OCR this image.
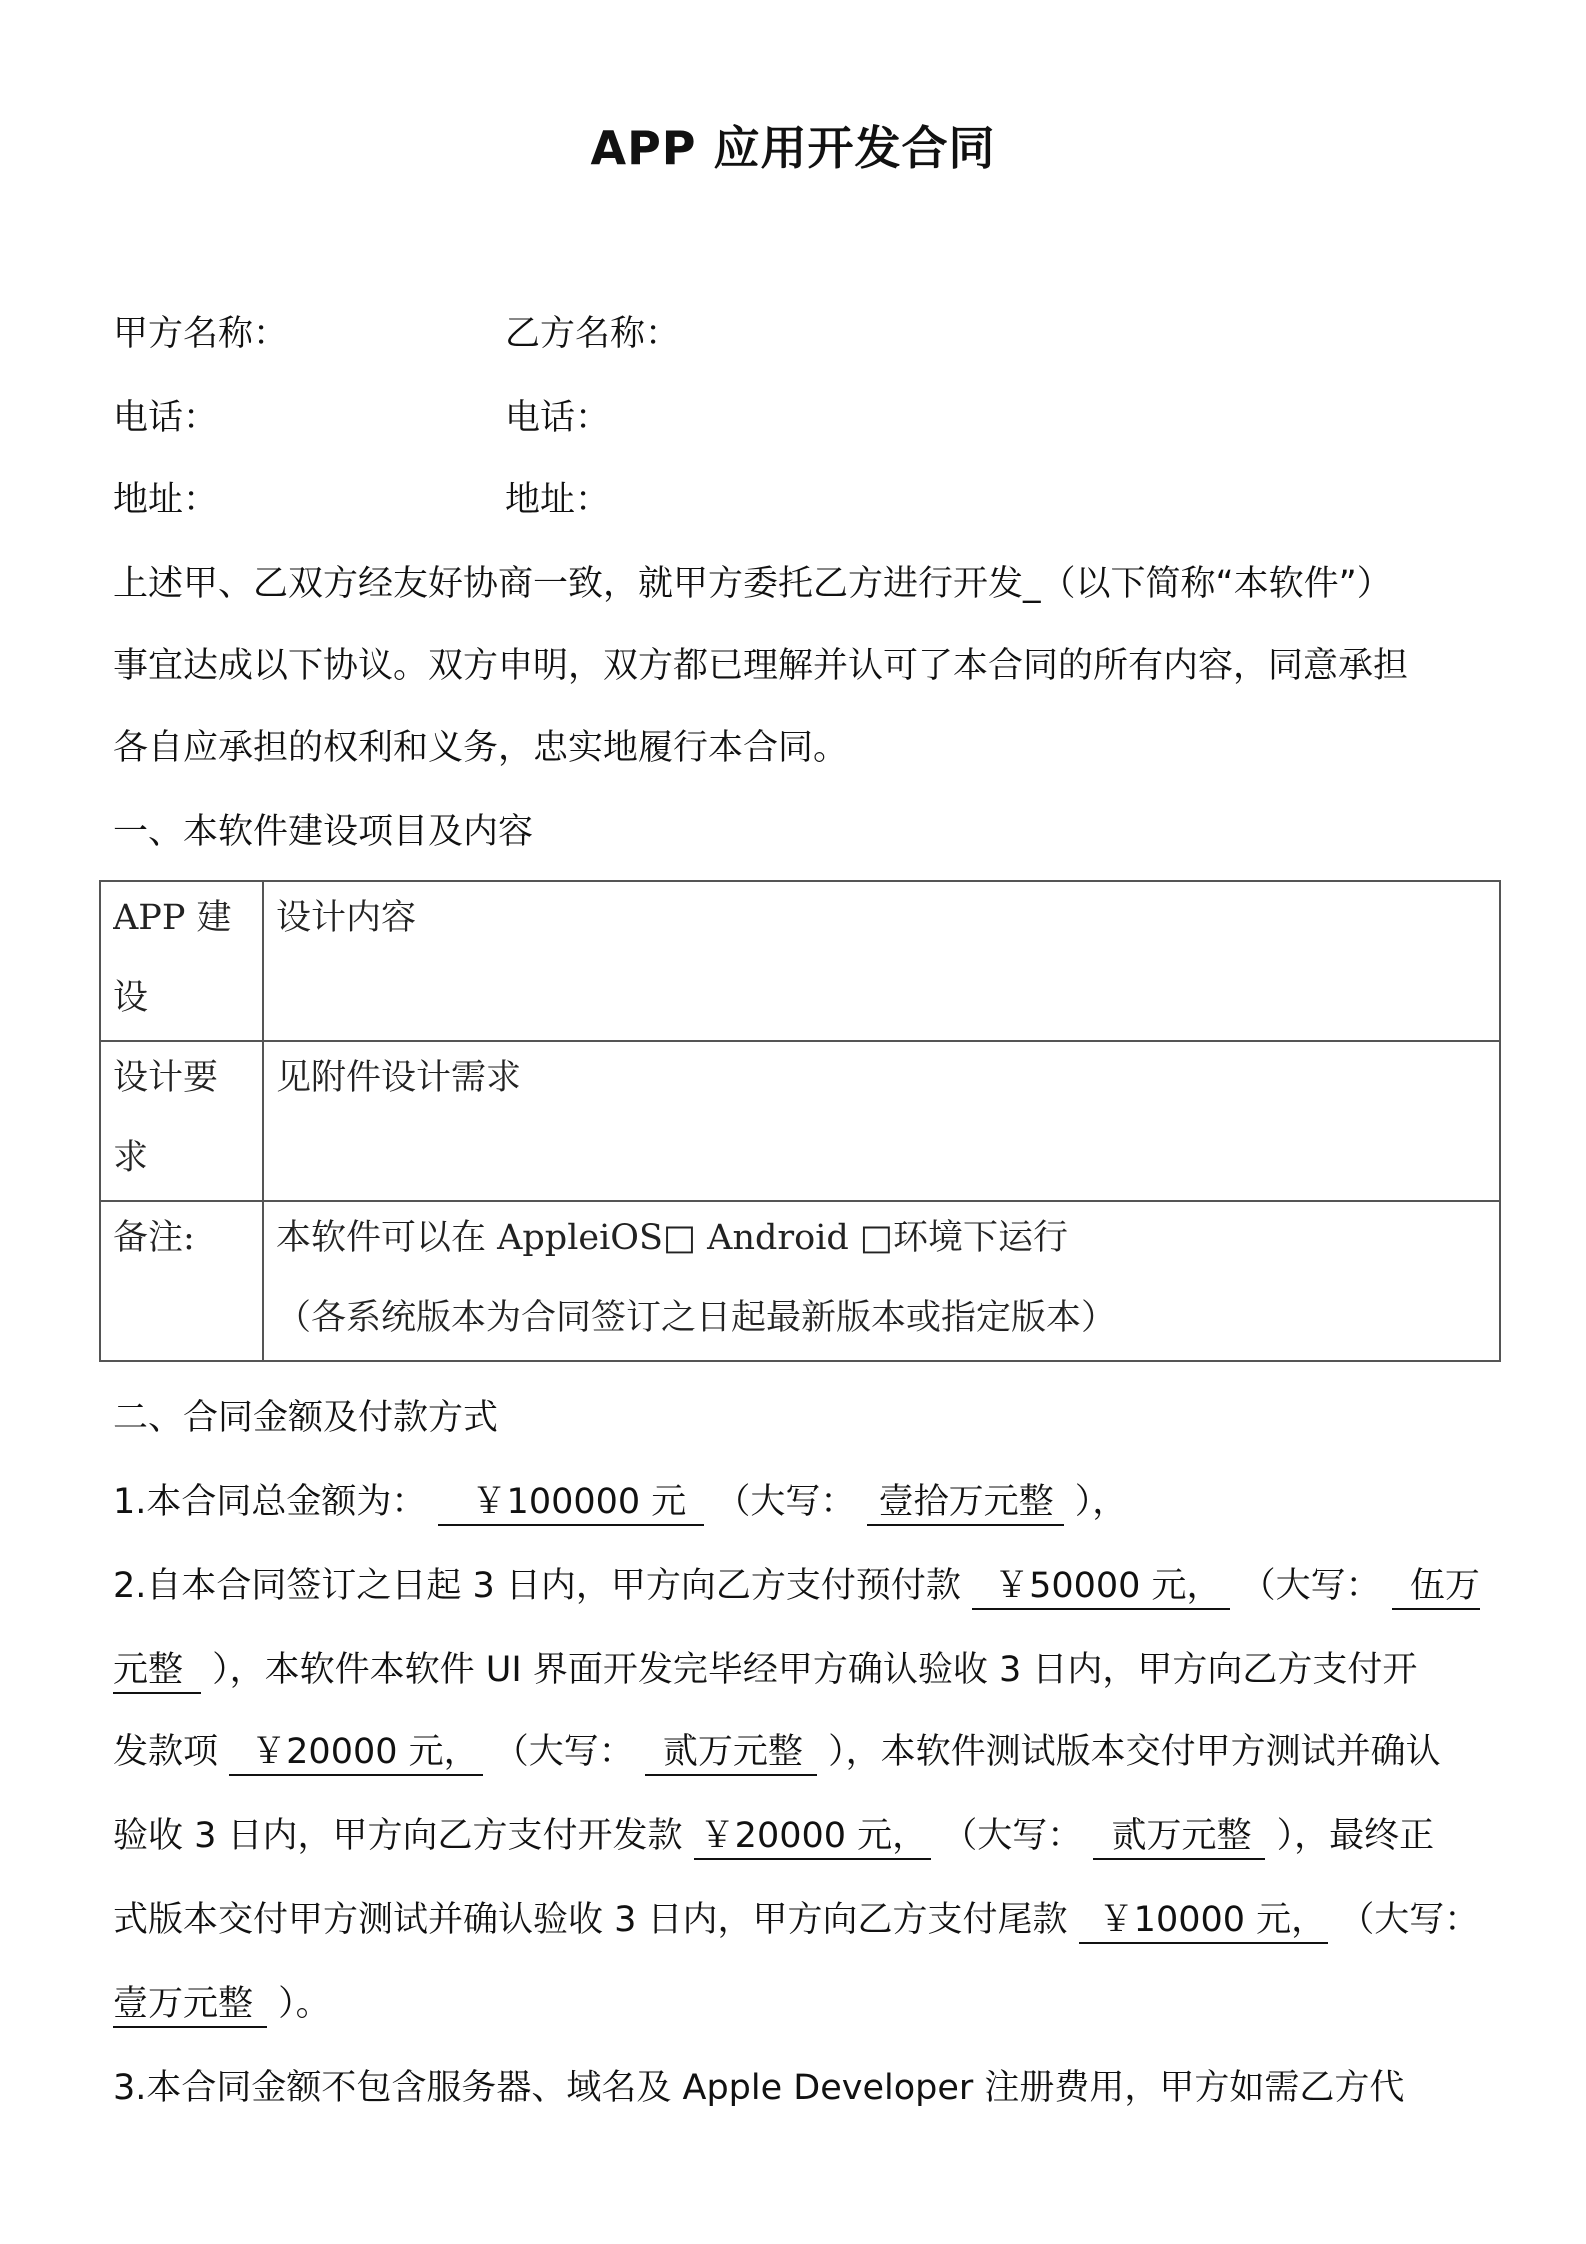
APP 应用开发合同
甲方名称：	乙方名称：
电话：	电话：
地址：	地址：
上述甲、乙双方经友好协商一致，就甲方委托乙方进行开发_（以下简称“本软件”）
事宜达成以下协议。双方申明，双方都已理解并认可了本合同的所有内容，同意承担
各自应承担的权利和义务，忠实地履行本合同。
一、本软件建设项目及内容
APP 建
设	设计内容

设计要
求	见附件设计需求

备注:	本软件可以在 AppleiOS□ Android □环境下运行
（各系统版本为合同签订之日起最新版本或指定版本）
二、合同金额及付款方式
1.本合同总金额为： ￥100000 元 （大写： 壹拾万元整 ），
2.自本合同签订之日起 3 日内，甲方向乙方支付预付款 ￥50000 元， （大写： 伍万
元整 ），本软件本软件 UI 界面开发完毕经甲方确认验收 3 日内，甲方向乙方支付开
发款项 ￥20000 元， （大写： 贰万元整 ），本软件测试版本交付甲方测试并确认
验收 3 日内，甲方向乙方支付开发款 ￥20000 元， （大写： 贰万元整 ），最终正
式版本交付甲方测试并确认验收 3 日内，甲方向乙方支付尾款 ￥10000 元， （大写：
壹万元整 ）。
3.本合同金额不包含服务器、域名及 Apple Developer 注册费用，甲方如需乙方代
